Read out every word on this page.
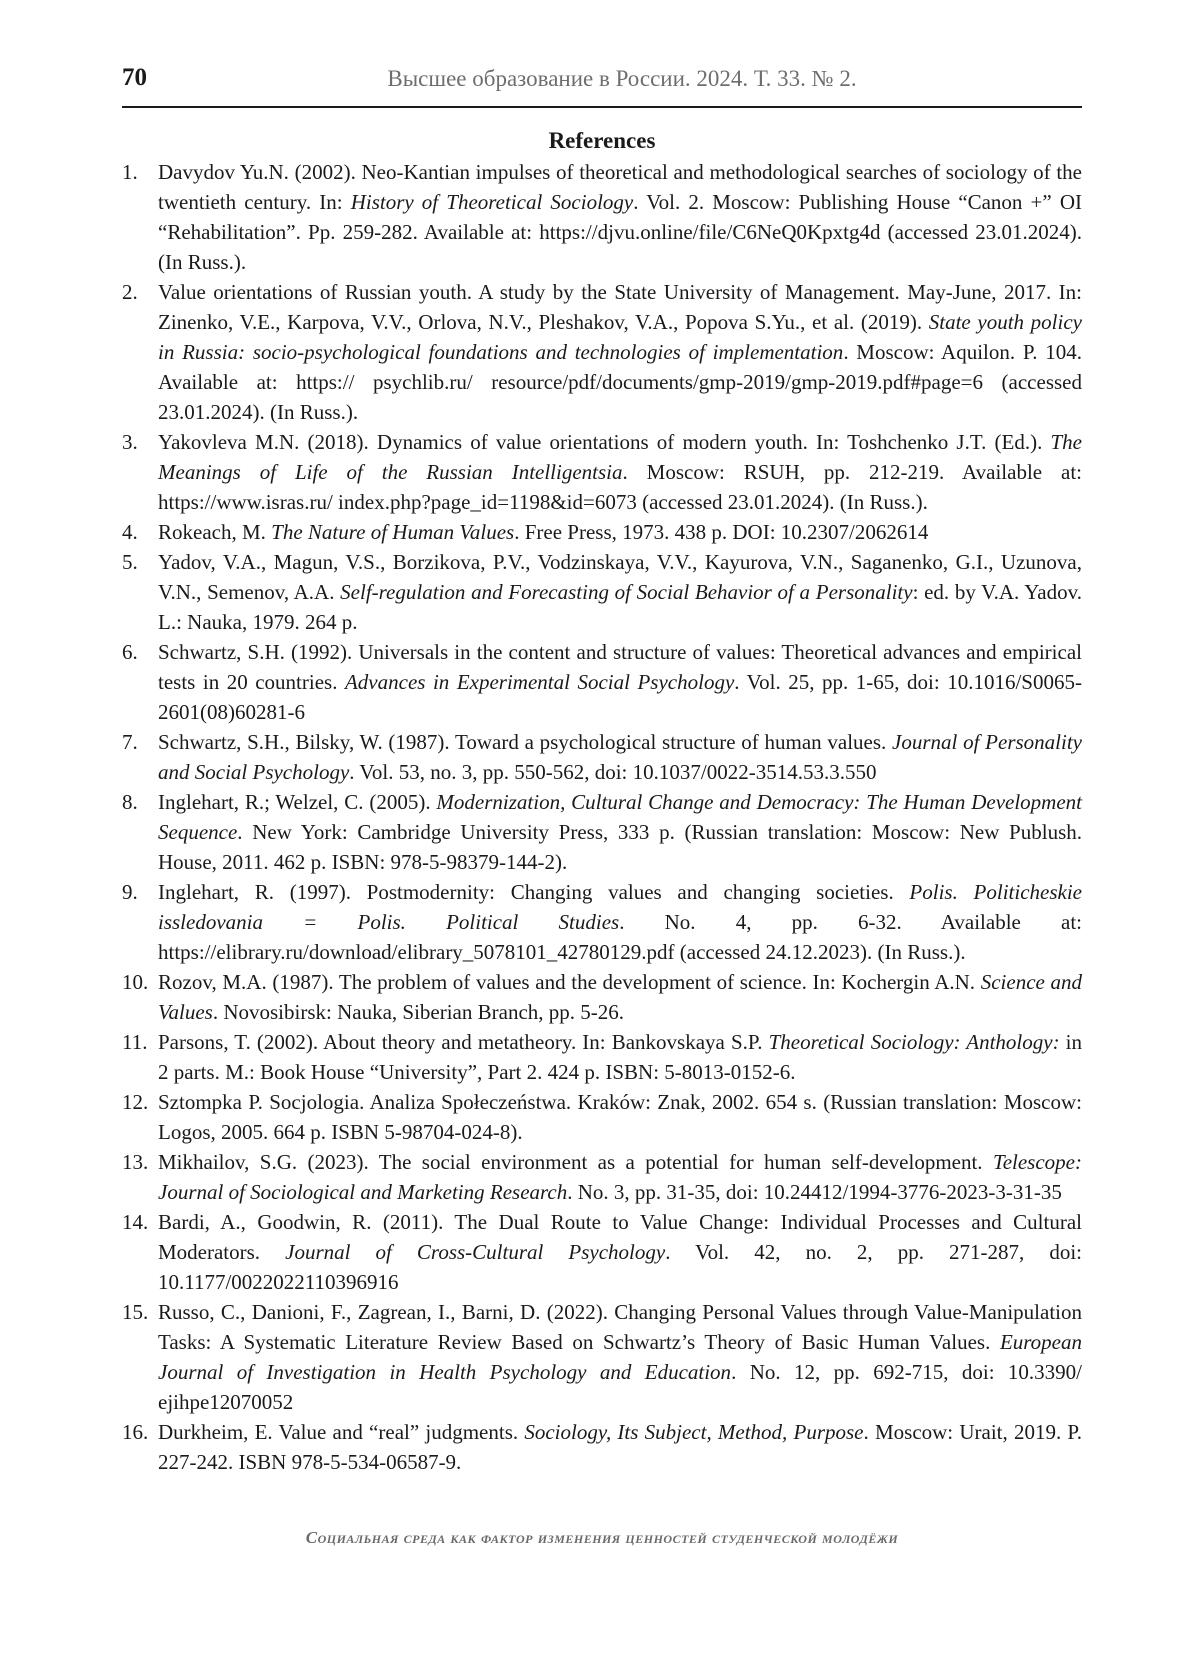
70	Высшее образование в России. 2024. Т. 33. № 2.
References
1. Davydov Yu.N. (2002). Neo-Kantian impulses of theoretical and methodological searches of sociology of the twentieth century. In: History of Theoretical Sociology. Vol. 2. Moscow: Publishing House “Canon +” OI “Rehabilitation”. Pp. 259-282. Available at: https://djvu.online/file/C6NeQ0Kpxtg4d (accessed 23.01.2024). (In Russ.).
2. Value orientations of Russian youth. A study by the State University of Management. May-June, 2017. In: Zinenko, V.E., Karpova, V.V., Orlova, N.V., Pleshakov, V.A., Popova S.Yu., et al. (2019). State youth policy in Russia: socio-psychological foundations and technologies of implementation. Moscow: Aquilon. P. 104. Available at: https:// psychlib.ru/ resource/pdf/documents/gmp-2019/gmp-2019.pdf#page=6 (accessed 23.01.2024). (In Russ.).
3. Yakovleva M.N. (2018). Dynamics of value orientations of modern youth. In: Toshchenko J.T. (Ed.). The Meanings of Life of the Russian Intelligentsia. Moscow: RSUH, pp. 212-219. Available at: https://www.isras.ru/ index.php?page_id=1198&id=6073 (accessed 23.01.2024). (In Russ.).
4. Rokeach, M. The Nature of Human Values. Free Press, 1973. 438 p. DOI: 10.2307/2062614
5. Yadov, V.A., Magun, V.S., Borzikova, P.V., Vodzinskaya, V.V., Kayurova, V.N., Saganenko, G.I., Uzunova, V.N., Semenov, A.A. Self-regulation and Forecasting of Social Behavior of a Personality: ed. by V.A. Yadov. L.: Nauka, 1979. 264 p.
6. Schwartz, S.H. (1992). Universals in the content and structure of values: Theoretical advances and empirical tests in 20 countries. Advances in Experimental Social Psychology. Vol. 25, pp. 1-65, doi: 10.1016/S0065-2601(08)60281-6
7. Schwartz, S.H., Bilsky, W. (1987). Toward a psychological structure of human values. Journal of Personality and Social Psychology. Vol. 53, no. 3, pp. 550-562, doi: 10.1037/0022-3514.53.3.550
8. Inglehart, R.; Welzel, C. (2005). Modernization, Cultural Change and Democracy: The Human Development Sequence. New York: Cambridge University Press, 333 p. (Russian translation: Moscow: New Publush. House, 2011. 462 p. ISBN: 978-5-98379-144-2).
9. Inglehart, R. (1997). Postmodernity: Changing values and changing societies. Polis. Politicheskie issledovania = Polis. Political Studies. No. 4, pp. 6-32. Available at: https://elibrary.ru/download/elibrary_5078101_42780129.pdf (accessed 24.12.2023). (In Russ.).
10. Rozov, M.A. (1987). The problem of values and the development of science. In: Kochergin A.N. Science and Values. Novosibirsk: Nauka, Siberian Branch, pp. 5-26.
11. Parsons, T. (2002). About theory and metatheory. In: Bankovskaya S.P. Theoretical Sociology: Anthology: in 2 parts. M.: Book House “University”, Part 2. 424 p. ISBN: 5-8013-0152-6.
12. Sztompka P. Socjologia. Analiza Społeczeństwa. Kraków: Znak, 2002. 654 s. (Russian translation: Moscow: Logos, 2005. 664 p. ISBN 5-98704-024-8).
13. Mikhailov, S.G. (2023). The social environment as a potential for human self-development. Telescope: Journal of Sociological and Marketing Research. No. 3, pp. 31-35, doi: 10.24412/1994-3776-2023-3-31-35
14. Bardi, A., Goodwin, R. (2011). The Dual Route to Value Change: Individual Processes and Cultural Moderators. Journal of Cross-Cultural Psychology. Vol. 42, no. 2, pp. 271-287, doi: 10.1177/0022022110396916
15. Russo, C., Danioni, F., Zagrean, I., Barni, D. (2022). Changing Personal Values through Value-Manipulation Tasks: A Systematic Literature Review Based on Schwartz’s Theory of Basic Human Values. European Journal of Investigation in Health Psychology and Education. No. 12, pp. 692-715, doi: 10.3390/ ejihpe12070052
16. Durkheim, E. Value and “real” judgments. Sociology, Its Subject, Method, Purpose. Moscow: Urait, 2019. P. 227-242. ISBN 978-5-534-06587-9.
Социальная среда как фактор изменения ценностей студенческой молодёжи
